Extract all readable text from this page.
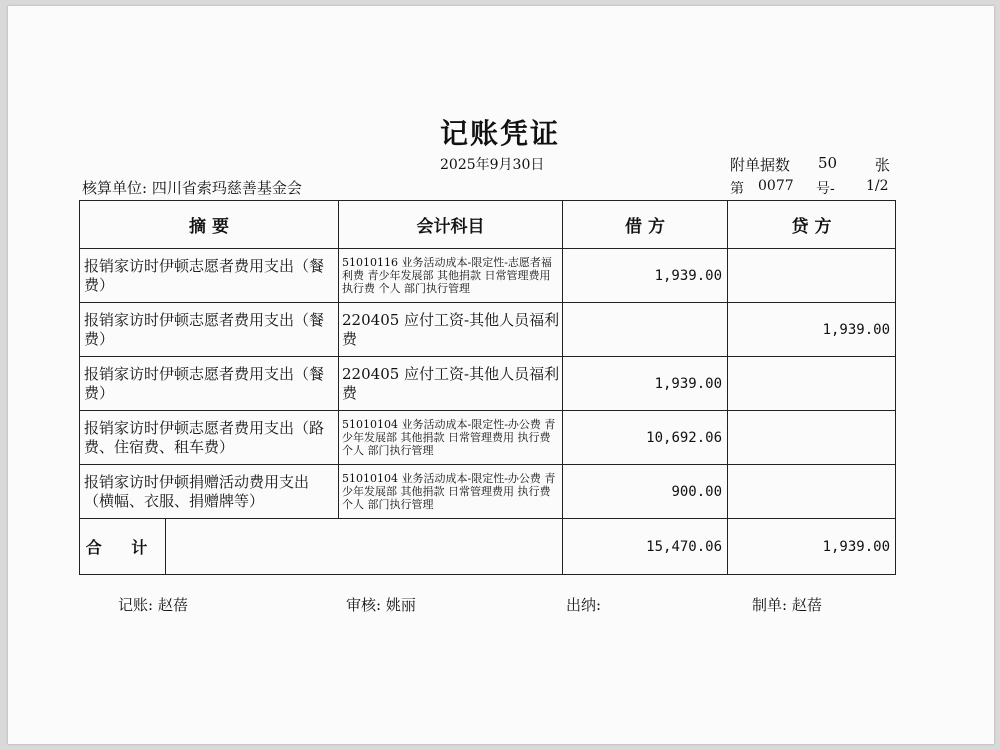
记账凭证
2025年9月30日	附单据数 50	张
核算单位: 四川省索玛慈善基金会	第 0077 号- 1/2
摘 要		会计科目	借 方	贷 方
报销家访时伊顿志愿者费用支出（餐费）		51010116 业务活动成本-限定性-志愿者福利费 青少年发展部 其他捐款 日常管理费用 执行费 个人 部门执行管理	1,939.00	
报销家访时伊顿志愿者费用支出（餐费）		220405 应付工资-其他人员福利费		1,939.00
报销家访时伊顿志愿者费用支出（餐费）		220405 应付工资-其他人员福利费	1,939.00	
报销家访时伊顿志愿者费用支出（路费、住宿费、租车费）		51010104 业务活动成本-限定性-办公费 青少年发展部 其他捐款 日常管理费用 执行费 个人 部门执行管理	10,692.06	
报销家访时伊顿捐赠活动费用支出（横幅、衣服、捐赠牌等）		51010104 业务活动成本-限定性-办公费 青少年发展部 其他捐款 日常管理费用 执行费 个人 部门执行管理	900.00	
合 计			15,470.06	1,939.00
记账: 赵蓓	审核: 姚丽	出纳:	制单: 赵蓓
